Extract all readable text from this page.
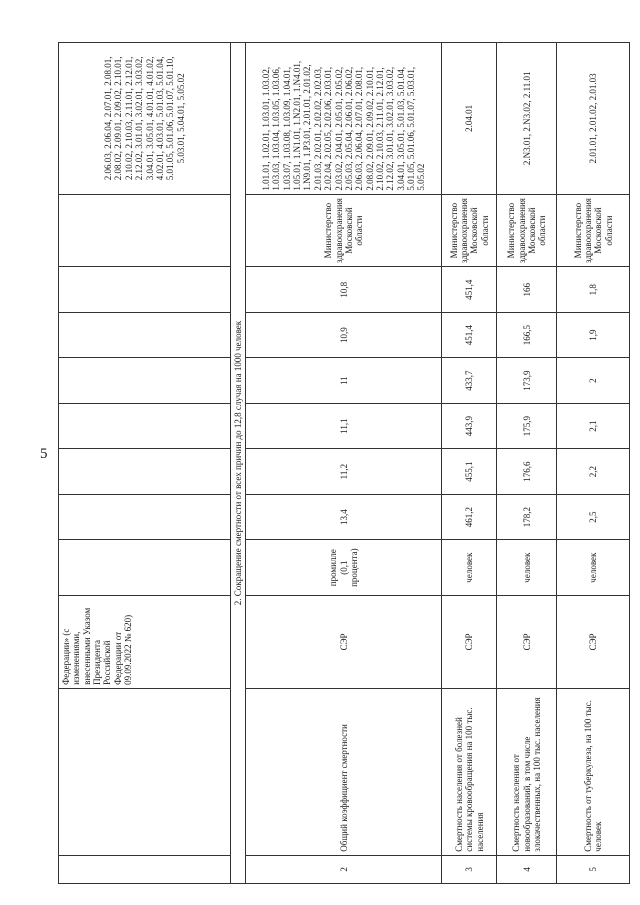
5
		Федерации» (с изменениями, внесенными Указом Президента Российской Федерации от 09.09.2022 № 620)									2.06.03, 2.06.04, 2.07.01, 2.08.01, 2.08.02, 2.09.01, 2.09.02, 2.10.01, 2.10.02, 2.10.03, 2.11.01, 2.12.01, 2.12.02, 3.01.01, 3.02.01, 3.03.02, 3.04.01, 3.05.01, 4.01.01, 4.01.02, 4.02.01, 4.03.01, 5.01.03, 5.01.04, 5.01.05, 5.01.06, 5.01.07, 5.01.10, 5.03.01, 5.04.01, 5.05.02
2. Сокращение смертности от всех причин до 12,8 случая на 1000 человек											
2	Общий коэффициент смертности	СЭР	промилле (0,1 процента)	13,4	11,2	11,1	11	10,9	10,8	Министерство здравоохранения Московской области	1.01.01, 1.02.01, 1.03.01, 1.03.02, 1.03.03, 1.03.04, 1.03.05, 1.03.06, 1.03.07, 1.03.08, 1.03.09, 1.04.01, 1.05.01, 1.N1.01, 1.N2.01, 1.N4.01, 1.N9.01, 1.P3.01, 2.01.01, 2.01.02, 2.01.03, 2.02.01, 2.02.02, 2.02.03, 2.02.04, 2.02.05, 2.02.06, 2.03.01, 2.03.02, 2.04.01, 2.05.01, 2.05.02, 2.05.03, 2.05.04, 2.06.01, 2.06.02, 2.06.03, 2.06.04, 2.07.01, 2.08.01, 2.08.02, 2.09.01, 2.09.02, 2.10.01, 2.10.02, 2.10.03, 2.11.01, 2.12.01, 2.12.02, 3.01.01, 3.02.01, 3.03.02, 3.04.01, 3.05.01, 5.01.03, 5.01.04, 5.01.05, 5.01.06, 5.01.07, 5.03.01, 5.05.02
3	Смертность населения от болезней системы кровообращения на 100 тыс. населения	СЭР	человек	461,2	455,1	443,9	433,7	451,4	451,4	Министерство здравоохранения Московской области	2.04.01
4	Смертность населения от новообразований, в том числе злокачественных, на 100 тыс. населения	СЭР	человек	178,2	176,6	175,9	173,9	166,5	166	Министерство здравоохранения Московской области	2.N3.01, 2.N3.02, 2.11.01
5	Смертность от туберкулеза, на 100 тыс. человек	СЭР	человек	2,5	2,2	2,1	2	1,9	1,8	Министерство здравоохранения Московской области	2.01.01, 2.01.02, 2.01.03
